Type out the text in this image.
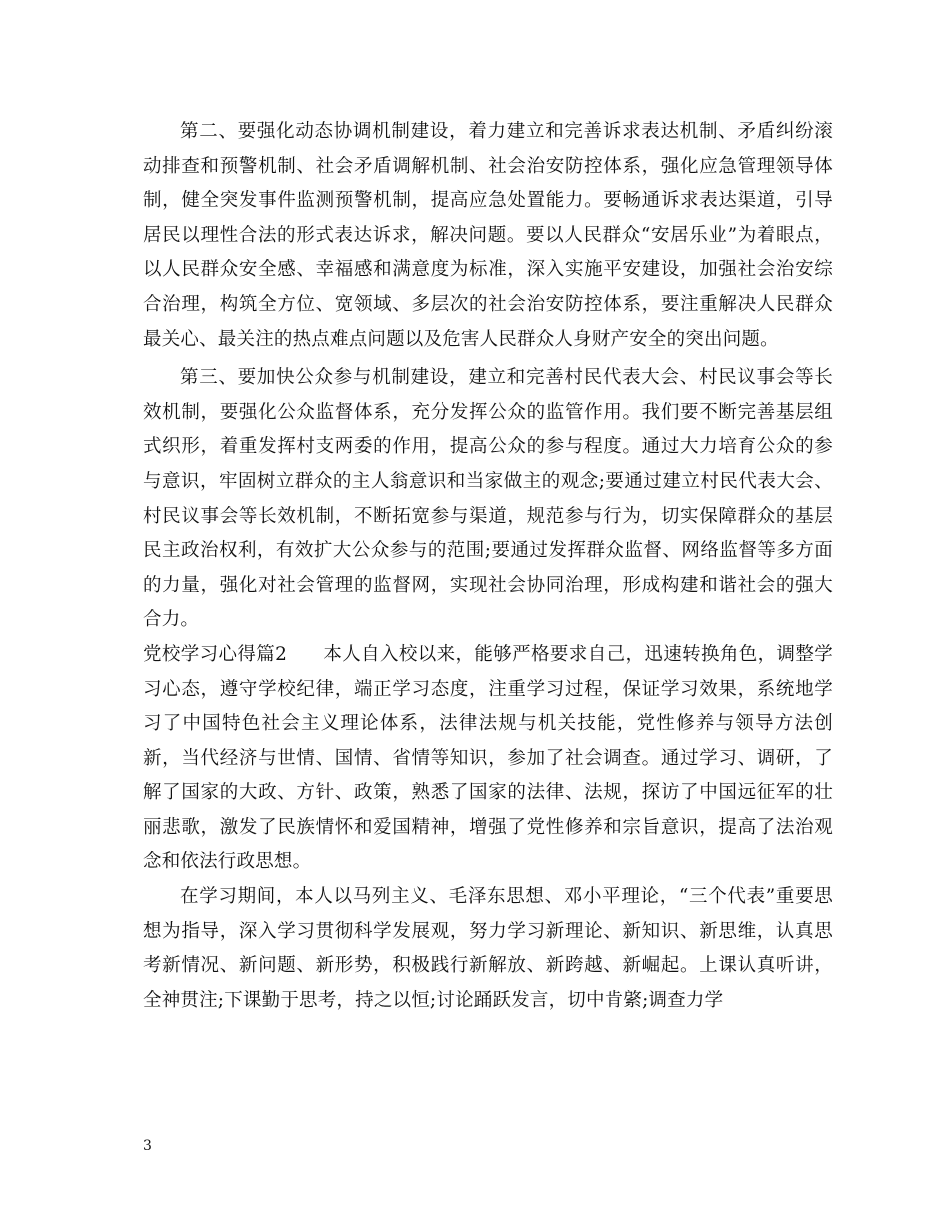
第二、要强化动态协调机制建设，着力建立和完善诉求表达机制、矛盾纠纷滚动排查和预警机制、社会矛盾调解机制、社会治安防控体系，强化应急管理领导体制，健全突发事件监测预警机制，提高应急处置能力。要畅通诉求表达渠道，引导居民以理性合法的形式表达诉求，解决问题。要以人民群众“安居乐业”为着眼点，以人民群众安全感、幸福感和满意度为标准，深入实施平安建设，加强社会治安综合治理，构筑全方位、宽领域、多层次的社会治安防控体系，要注重解决人民群众最关心、最关注的热点难点问题以及危害人民群众人身财产安全的突出问题。

第三、要加快公众参与机制建设，建立和完善村民代表大会、村民议事会等长效机制，要强化公众监督体系，充分发挥公众的监管作用。我们要不断完善基层组式织形，着重发挥村支两委的作用，提高公众的参与程度。通过大力培育公众的参与意识，牢固树立群众的主人翁意识和当家做主的观念;要通过建立村民代表大会、村民议事会等长效机制，不断拓宽参与渠道，规范参与行为，切实保障群众的基层民主政治权利，有效扩大公众参与的范围;要通过发挥群众监督、网络监督等多方面的力量，强化对社会管理的监督网，实现社会协同治理，形成构建和谐社会的强大合力。

党校学习心得篇2 本人自入校以来，能够严格要求自己，迅速转换角色，调整学习心态，遵守学校纪律，端正学习态度，注重学习过程，保证学习效果，系统地学习了中国特色社会主义理论体系，法律法规与机关技能，党性修养与领导方法创新，当代经济与世情、国情、省情等知识，参加了社会调查。通过学习、调研，了解了国家的大政、方针、政策，熟悉了国家的法律、法规，探访了中国远征军的壮丽悲歌，激发了民族情怀和爱国精神，增强了党性修养和宗旨意识，提高了法治观念和依法行政思想。

在学习期间，本人以马列主义、毛泽东思想、邓小平理论，“三个代表”重要思想为指导，深入学习贯彻科学发展观，努力学习新理论、新知识、新思维，认真思考新情况、新问题、新形势，积极践行新解放、新跨越、新崛起。上课认真听讲，全神贯注;下课勤于思考，持之以恒;讨论踊跃发言，切中肯綮;调查力学

3
